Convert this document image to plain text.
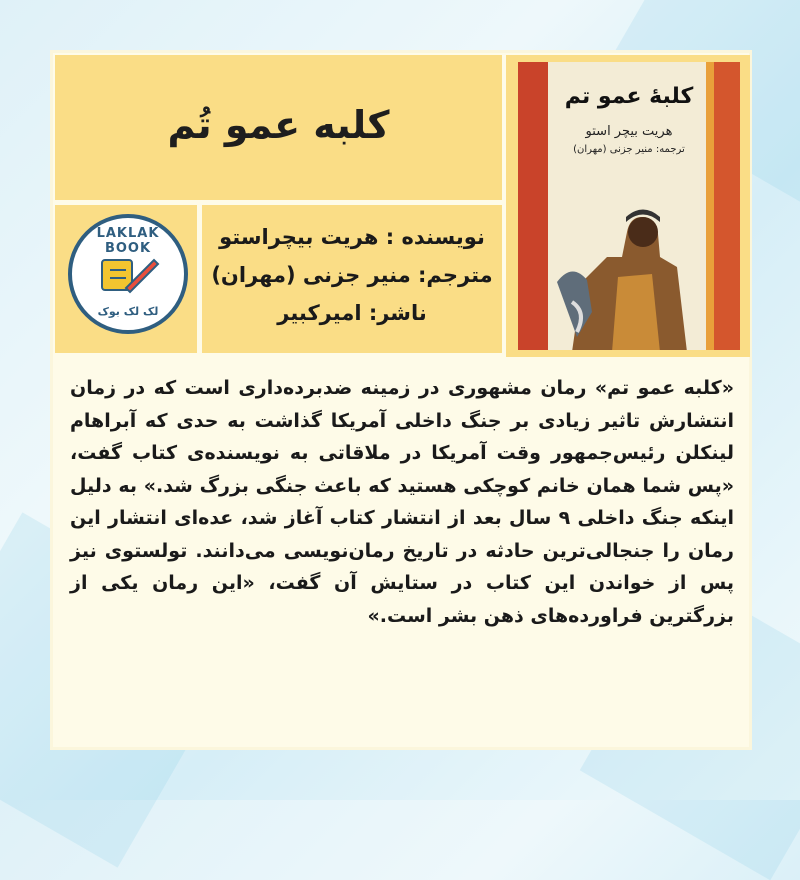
کلبه عمو تُم
کلبهٔ عمو تم
هریت بیچر استو
ترجمه: منیر جزنی (مهران)
LAKLAK BOOK
لک لک بوک
نویسنده : هریت بیچراستو
مترجم: منیر جزنی (مهران)
ناشر: امیرکبیر
«کلبه عمو تم» رمان مشهوری در زمینه ضدبرده‌داری است که در زمان انتشارش تاثیر زیادی بر جنگ داخلی آمریکا گذاشت به حدی که آبراهام لینکلن رئیس‌جمهور وقت آمریکا در ملاقاتی به نویسنده‌ی کتاب گفت، «پس شما همان خانم کوچکی هستید که باعث جنگی بزرگ شد.» به دلیل اینکه جنگ داخلی ۹ سال بعد از انتشار کتاب آغاز شد، عده‌ای انتشار این رمان را جنجالی‌ترین حادثه در تاریخ رمان‌نویسی می‌دانند. تولستوی نیز پس از خواندن این کتاب در ستایش آن گفت، «این رمان یکی از بزرگترین فراورده‌های ذهن بشر است.»
